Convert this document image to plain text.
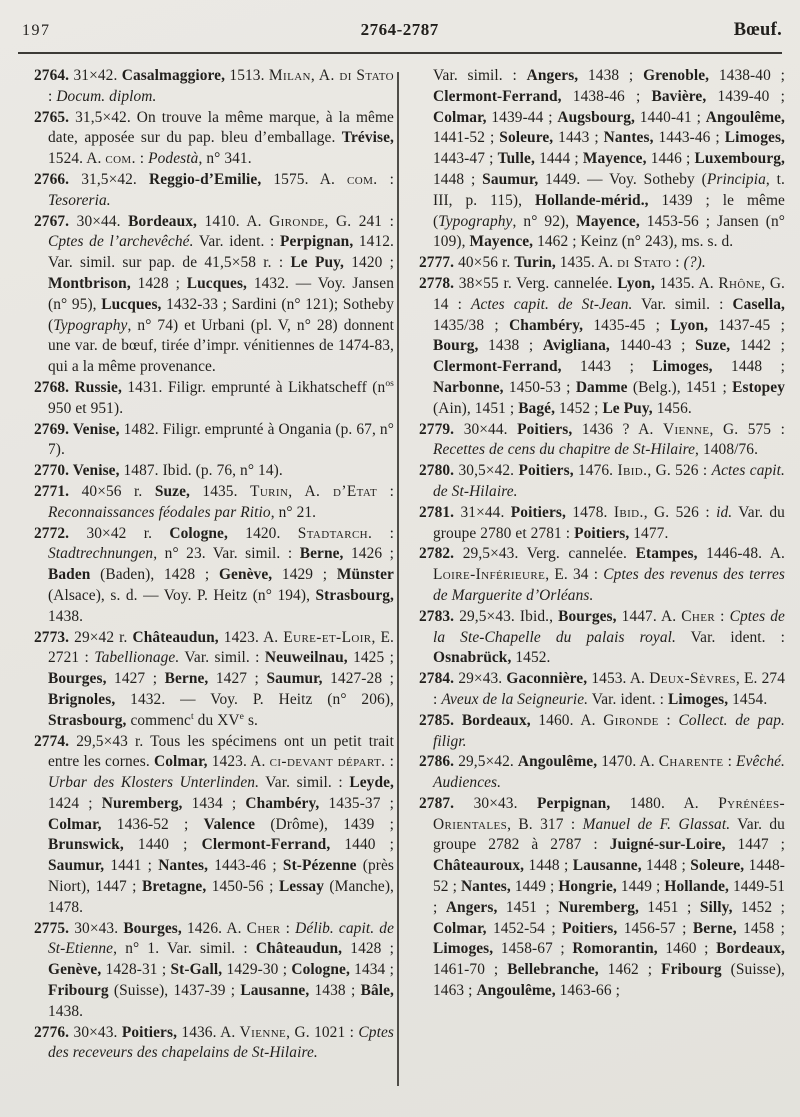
197	2764-2787	Bœuf.

2764. 31×42. Casalmaggiore, 1513. Milan, A. di Stato : Docum. diplom.

2765. 31,5×42. On trouve la même marque, à la même date, apposée sur du pap. bleu d’emballage. Trévise, 1524. A. com. : Podestà, n° 341.

2766. 31,5×42. Reggio-d’Emilie, 1575. A. com. : Tesoreria.

2767. 30×44. Bordeaux, 1410. A. Gironde, G. 241 : Cptes de l’archevêché. Var. ident. : Perpignan, 1412. Var. simil. sur pap. de 41,5×58 r. : Le Puy, 1420 ; Montbrison, 1428 ; Lucques, 1432. — Voy. Jansen (n° 95), Lucques, 1432-33 ; Sardini (n° 121); Sotheby (Typography, n° 74) et Urbani (pl. V, n° 28) donnent une var. de bœuf, tirée d’impr. vénitiennes de 1474-83, qui a la même provenance.

2768. Russie, 1431. Filigr. emprunté à Likhatscheff ($n^{os}$ 950 et 951).

2769. Venise, 1482. Filigr. emprunté à Ongania (p. 67, n° 7).

2770. Venise, 1487. Ibid. (p. 76, n° 14).

2771. 40×56 r. Suze, 1435. Turin, A. d’Etat : Reconnaissances féodales par Ritio, n° 21.

2772. 30×42 r. Cologne, 1420. Stadtarch. : Stadtrechnungen, n° 23. Var. simil. : Berne, 1426 ; Baden (Baden), 1428 ; Genève, 1429 ; Münster (Alsace), s. d. — Voy. P. Heitz (n° 194), Strasbourg, 1438.

2773. 29×42 r. Châteaudun, 1423. A. Eure-et-Loir, E. 2721 : Tabellionage. Var. simil. : Neuweilnau, 1425 ; Bourges, 1427 ; Berne, 1427 ; Saumur, 1427-28 ; Brignoles, 1432. — Voy. P. Heitz (n° 206), Strasbourg, commenc$^t$ du XVe s.

2774. 29,5×43 r. Tous les spécimens ont un petit trait entre les cornes. Colmar, 1423. A. ci-devant départ. : Urbar des Klosters Unterlinden. Var. simil. : Leyde, 1424 ; Nuremberg, 1434 ; Chambéry, 1435-37 ; Colmar, 1436-52 ; Valence (Drôme), 1439 ; Brunswick, 1440 ; Clermont-Ferrand, 1440 ; Saumur, 1441 ; Nantes, 1443-46 ; St-Pézenne (près Niort), 1447 ; Bretagne, 1450-56 ; Lessay (Manche), 1478.

2775. 30×43. Bourges, 1426. A. Cher : Délib. capit. de St-Etienne, n° 1. Var. simil. : Châteaudun, 1428 ; Genève, 1428-31 ; St-Gall, 1429-30 ; Cologne, 1434 ; Fribourg (Suisse), 1437-39 ; Lausanne, 1438 ; Bâle, 1438.

2776. 30×43. Poitiers, 1436. A. Vienne, G. 1021 : Cptes des receveurs des chapelains de St-Hilaire.

Var. simil. : Angers, 1438 ; Grenoble, 1438-40 ; Clermont-Ferrand, 1438-46 ; Bavière, 1439-40 ; Colmar, 1439-44 ; Augsbourg, 1440-41 ; Angoulême, 1441-52 ; Soleure, 1443 ; Nantes, 1443-46 ; Limoges, 1443-47 ; Tulle, 1444 ; Mayence, 1446 ; Luxembourg, 1448 ; Saumur, 1449. — Voy. Sotheby (Principia, t. III, p. 115), Hollande-mérid., 1439 ; le même (Typography, n° 92), Mayence, 1453-56 ; Jansen (n° 109), Mayence, 1462 ; Keinz (n° 243), ms. s. d.

2777. 40×56 r. Turin, 1435. A. di Stato : (?).

2778. 38×55 r. Verg. cannelée. Lyon, 1435. A. Rhône, G. 14 : Actes capit. de St-Jean. Var. simil. : Casella, 1435/38 ; Chambéry, 1435-45 ; Lyon, 1437-45 ; Bourg, 1438 ; Avigliana, 1440-43 ; Suze, 1442 ; Clermont-Ferrand, 1443 ; Limoges, 1448 ; Narbonne, 1450-53 ; Damme (Belg.), 1451 ; Estopey (Ain), 1451 ; Bagé, 1452 ; Le Puy, 1456.

2779. 30×44. Poitiers, 1436 ? A. Vienne, G. 575 : Recettes de cens du chapitre de St-Hilaire, 1408/76.

2780. 30,5×42. Poitiers, 1476. Ibid., G. 526 : Actes capit. de St-Hilaire.

2781. 31×44. Poitiers, 1478. Ibid., G. 526 : id. Var. du groupe 2780 et 2781 : Poitiers, 1477.

2782. 29,5×43. Verg. cannelée. Etampes, 1446-48. A. Loire-Inférieure, E. 34 : Cptes des revenus des terres de Marguerite d’Orléans.

2783. 29,5×43. Ibid., Bourges, 1447. A. Cher : Cptes de la Ste-Chapelle du palais royal. Var. ident. : Osnabrück, 1452.

2784. 29×43. Gaconnière, 1453. A. Deux-Sèvres, E. 274 : Aveux de la Seigneurie. Var. ident. : Limoges, 1454.

2785. Bordeaux, 1460. A. Gironde : Collect. de pap. filigr.

2786. 29,5×42. Angoulême, 1470. A. Charente : Evêché. Audiences.

2787. 30×43. Perpignan, 1480. A. Pyrénées-Orientales, B. 317 : Manuel de F. Glassat. Var. du groupe 2782 à 2787 : Juigné-sur-Loire, 1447 ; Châteauroux, 1448 ; Lausanne, 1448 ; Soleure, 1448-52 ; Nantes, 1449 ; Hongrie, 1449 ; Hollande, 1449-51 ; Angers, 1451 ; Nuremberg, 1451 ; Silly, 1452 ; Colmar, 1452-54 ; Poitiers, 1456-57 ; Berne, 1458 ; Limoges, 1458-67 ; Romorantin, 1460 ; Bordeaux, 1461-70 ; Bellebranche, 1462 ; Fribourg (Suisse), 1463 ; Angoulême, 1463-66 ;
